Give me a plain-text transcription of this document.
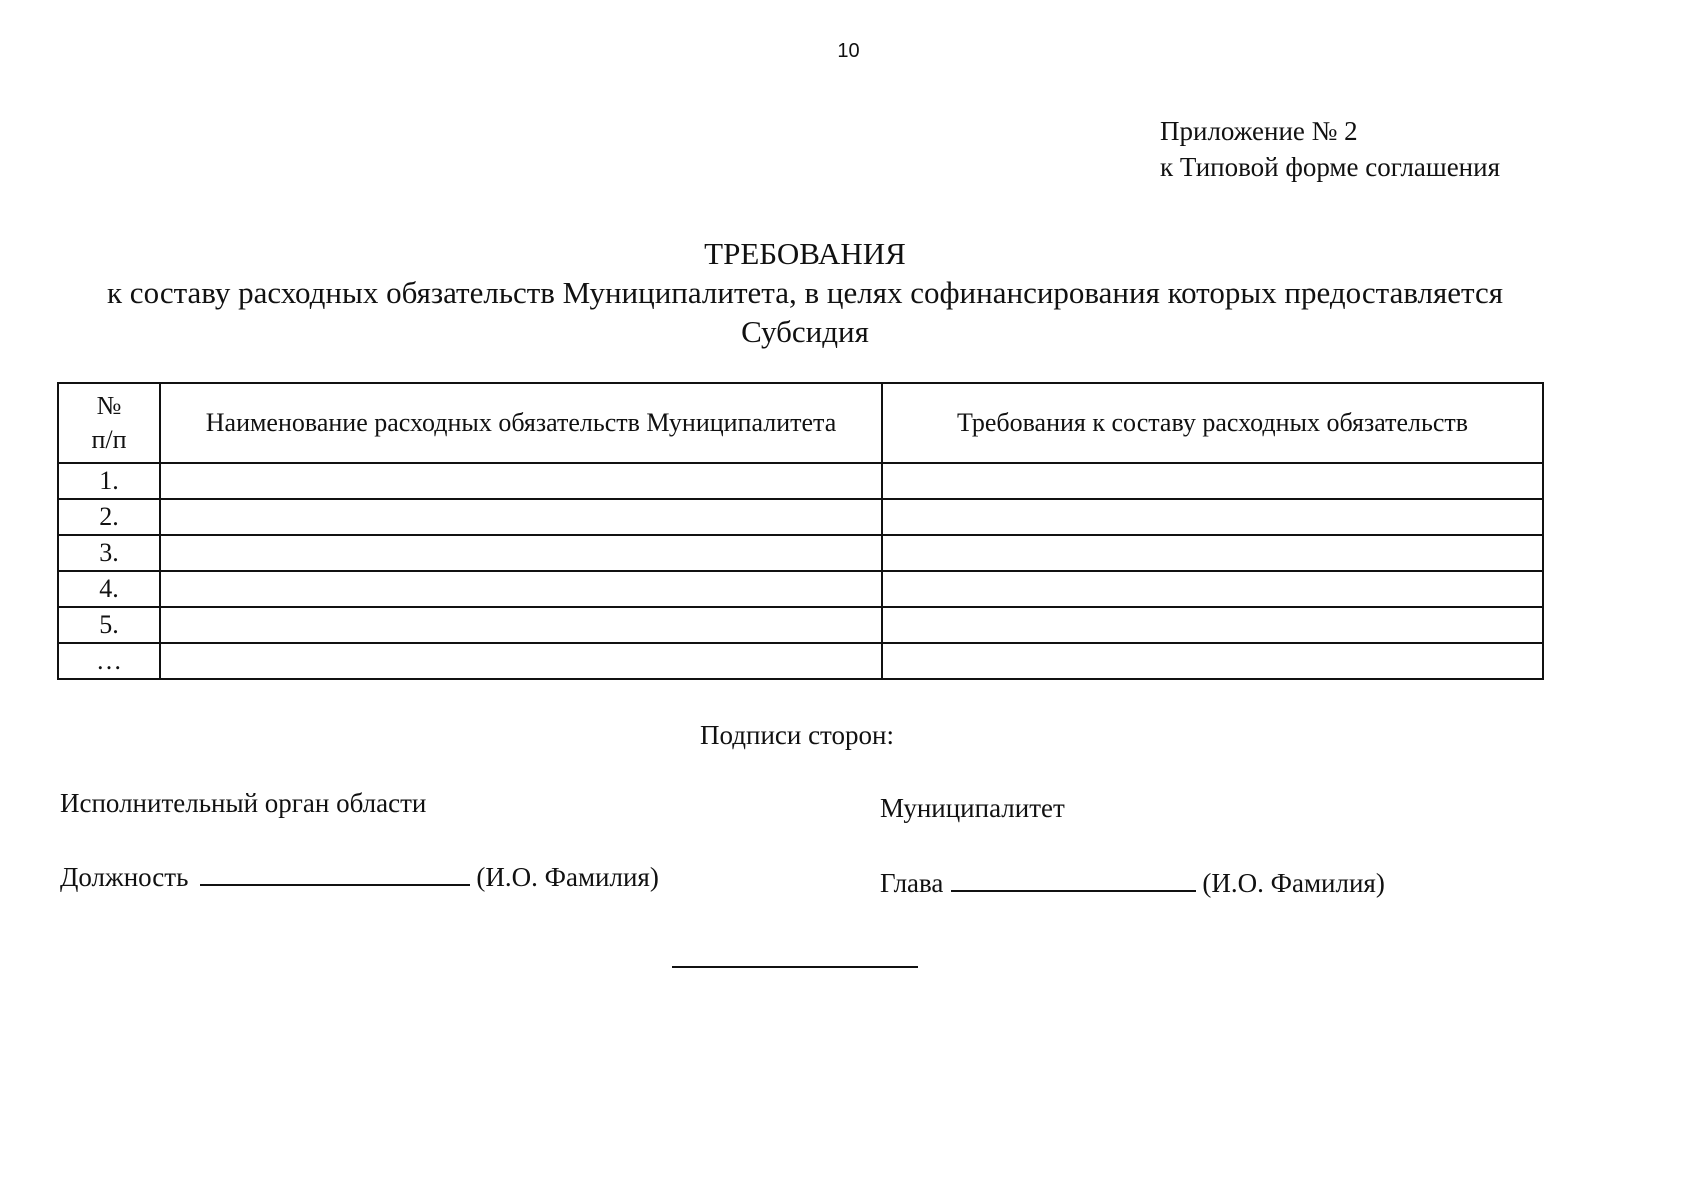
10
Приложение № 2
к Типовой форме соглашения
ТРЕБОВАНИЯ
к составу расходных обязательств Муниципалитета, в целях софинансирования которых предоставляется
Субсидия
№
п/п	Наименование расходных обязательств Муниципалитета	Требования к составу расходных обязательств
1.		
2.		
3.		
4.		
5.		
…		
Подписи сторон:
Исполнительный орган области	Муниципалитет
Должность	(И.О. Фамилия)	Глава	(И.О. Фамилия)
